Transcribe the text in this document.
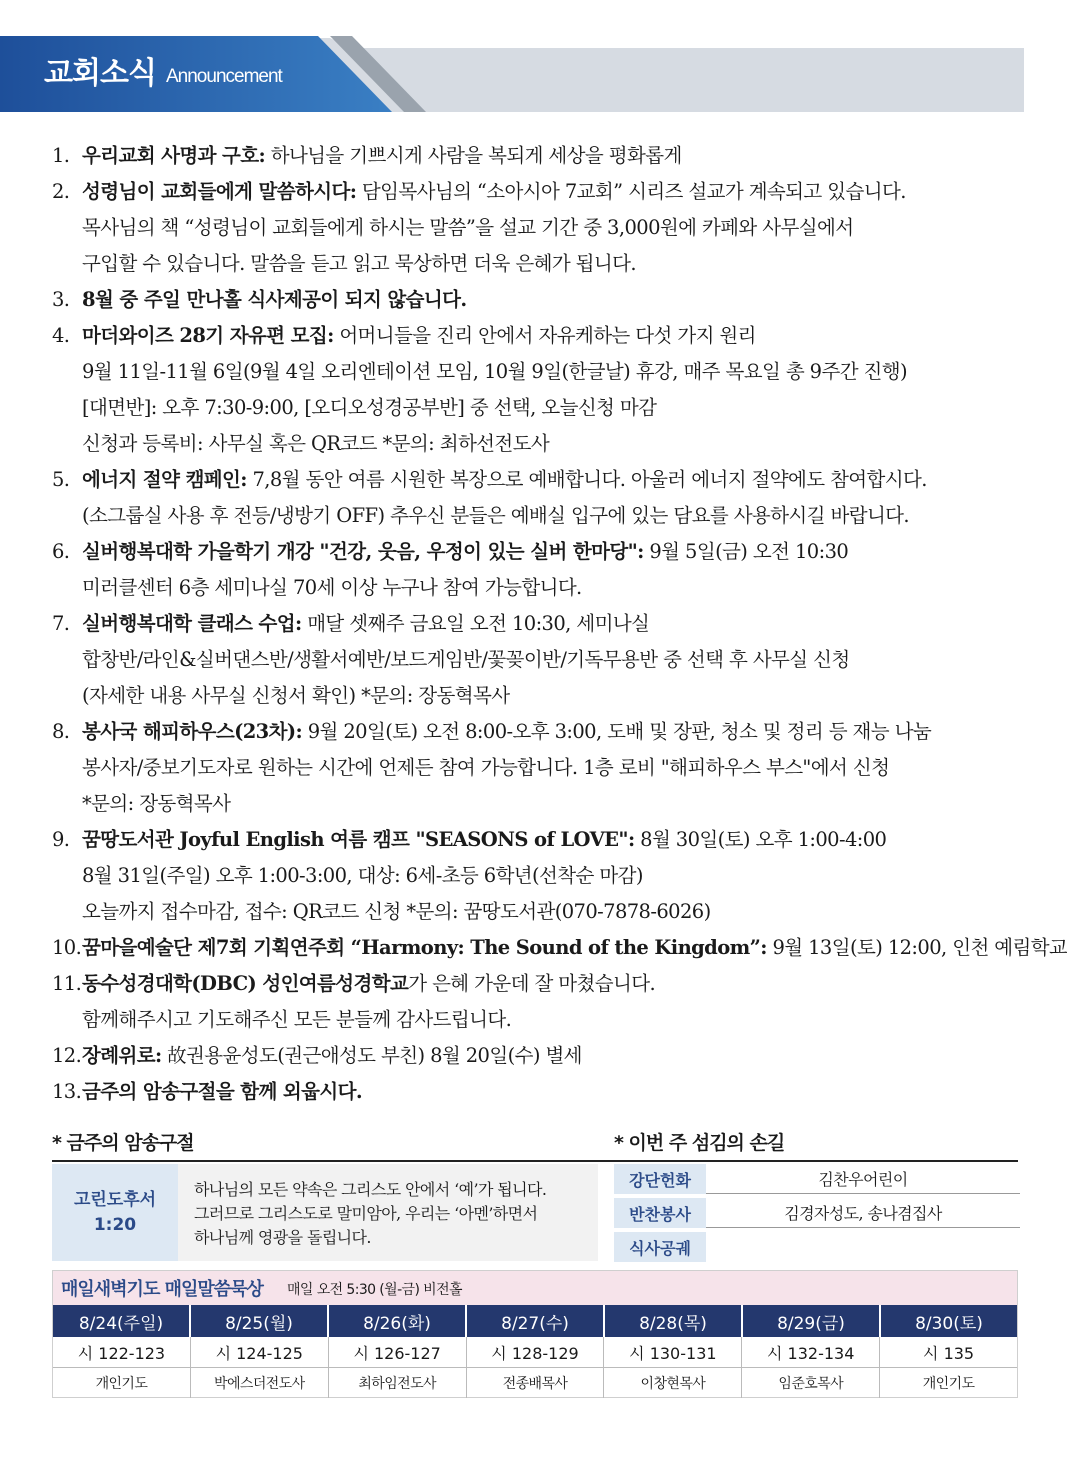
교회소식 Announcement
1. 우리교회 사명과 구호: 하나님을 기쁘시게 사람을 복되게 세상을 평화롭게
2. 성령님이 교회들에게 말씀하시다: 담임목사님의 “소아시아 7교회” 시리즈 설교가 계속되고 있습니다.
목사님의 책 “성령님이 교회들에게 하시는 말씀”을 설교 기간 중 3,000원에 카페와 사무실에서
구입할 수 있습니다. 말씀을 듣고 읽고 묵상하면 더욱 은혜가 됩니다.
3. 8월 중 주일 만나홀 식사제공이 되지 않습니다.
4. 마더와이즈 28기 자유편 모집: 어머니들을 진리 안에서 자유케하는 다섯 가지 원리
9월 11일-11월 6일(9월 4일 오리엔테이션 모임, 10월 9일(한글날) 휴강, 매주 목요일 총 9주간 진행)
[대면반]: 오후 7:30-9:00, [오디오성경공부반] 중 선택, 오늘신청 마감
신청과 등록비: 사무실 혹은 QR코드 *문의: 최하선전도사
5. 에너지 절약 캠페인: 7,8월 동안 여름 시원한 복장으로 예배합니다. 아울러 에너지 절약에도 참여합시다.
(소그룹실 사용 후 전등/냉방기 OFF) 추우신 분들은 예배실 입구에 있는 담요를 사용하시길 바랍니다.
6. 실버행복대학 가을학기 개강 "건강, 웃음, 우정이 있는 실버 한마당": 9월 5일(금) 오전 10:30
미러클센터 6층 세미나실 70세 이상 누구나 참여 가능합니다.
7. 실버행복대학 클래스 수업: 매달 셋째주 금요일 오전 10:30, 세미나실
합창반/라인&실버댄스반/생활서예반/보드게임반/꽃꽂이반/기독무용반 중 선택 후 사무실 신청
(자세한 내용 사무실 신청서 확인) *문의: 장동혁목사
8. 봉사국 해피하우스(23차): 9월 20일(토) 오전 8:00-오후 3:00, 도배 및 장판, 청소 및 정리 등 재능 나눔
봉사자/중보기도자로 원하는 시간에 언제든 참여 가능합니다. 1층 로비 "해피하우스 부스"에서 신청
*문의: 장동혁목사
9. 꿈땅도서관 Joyful English 여름 캠프 "SEASONS of LOVE": 8월 30일(토) 오후 1:00-4:00
8월 31일(주일) 오후 1:00-3:00, 대상: 6세-초등 6학년(선착순 마감)
오늘까지 접수마감, 접수: QR코드 신청 *문의: 꿈땅도서관(070-7878-6026)
10.꿈마을예술단 제7회 기획연주회 “Harmony: The Sound of the Kingdom”: 9월 13일(토) 12:00, 인천 예림학교
11.동수성경대학(DBC) 성인여름성경학교가 은혜 가운데 잘 마쳤습니다.
함께해주시고 기도해주신 모든 분들께 감사드립니다.
12.장례위로: 故권용윤성도(권근애성도 부친) 8월 20일(수) 별세
13.금주의 암송구절을 함께 외웁시다.
* 금주의 암송구절	* 이번 주 섬김의 손길
고린도후서
1:20
하나님의 모든 약속은 그리스도 안에서 ‘예’가 됩니다.
그러므로 그리스도로 말미암아, 우리는 ‘아멘’하면서
하나님께 영광을 돌립니다.
강단헌화	김찬우어린이
반찬봉사	김경자성도, 송나겸집사
식사공궤
매일새벽기도 매일말씀묵상 매일 오전 5:30 (월-금) 비전홀
8/24(주일)	8/25(월)	8/26(화)	8/27(수)	8/28(목)	8/29(금)	8/30(토)
시 122-123	시 124-125	시 126-127	시 128-129	시 130-131	시 132-134	시 135
개인기도	박에스더전도사	최하임전도사	전종배목사	이창현목사	임준호목사	개인기도
